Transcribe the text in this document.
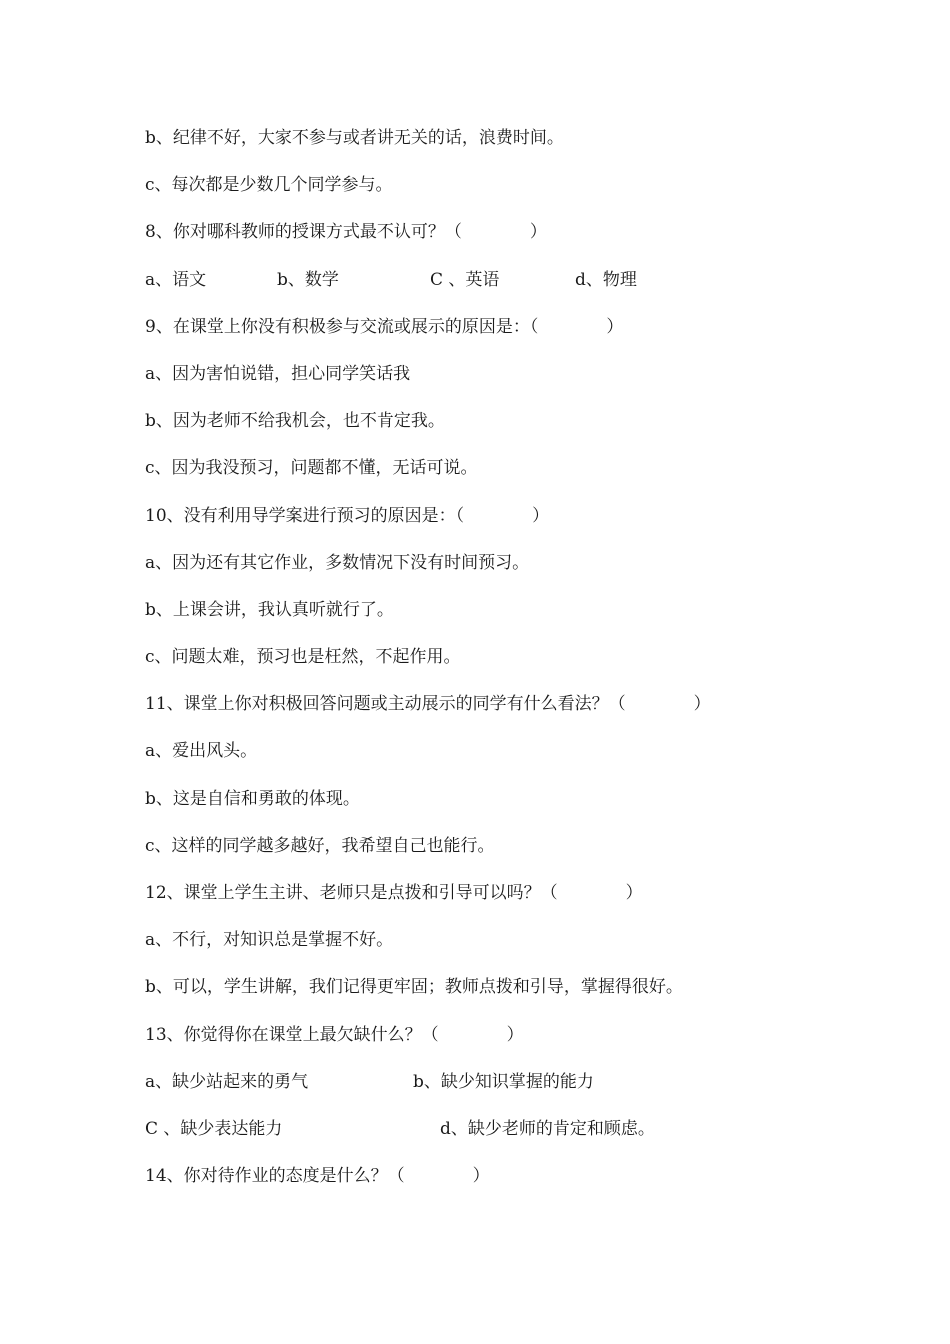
b、纪律不好，大家不参与或者讲无关的话，浪费时间。
c、每次都是少数几个同学参与。
8、你对哪科教师的授课方式最不认可？（　　　　）
a、语文	b、数学	C 、英语	d、物理
9、在课堂上你没有积极参与交流或展示的原因是：（　　　　）
a、因为害怕说错，担心同学笑话我
b、因为老师不给我机会，也不肯定我。
c、因为我没预习，问题都不懂，无话可说。
10、没有利用导学案进行预习的原因是：（　　　　）
a、因为还有其它作业，多数情况下没有时间预习。
b、上课会讲，我认真听就行了。
c、问题太难，预习也是枉然，不起作用。
11、课堂上你对积极回答问题或主动展示的同学有什么看法？（　　　　）
a、爱出风头。
b、这是自信和勇敢的体现。
c、这样的同学越多越好，我希望自己也能行。
12、课堂上学生主讲、老师只是点拨和引导可以吗？（　　　　）
a、不行，对知识总是掌握不好。
b、可以，学生讲解，我们记得更牢固；教师点拨和引导，掌握得很好。
13、你觉得你在课堂上最欠缺什么？（　　　　）
a、缺少站起来的勇气	b、缺少知识掌握的能力
C 、缺少表达能力	d、缺少老师的肯定和顾虑。
14、你对待作业的态度是什么？（　　　　）
